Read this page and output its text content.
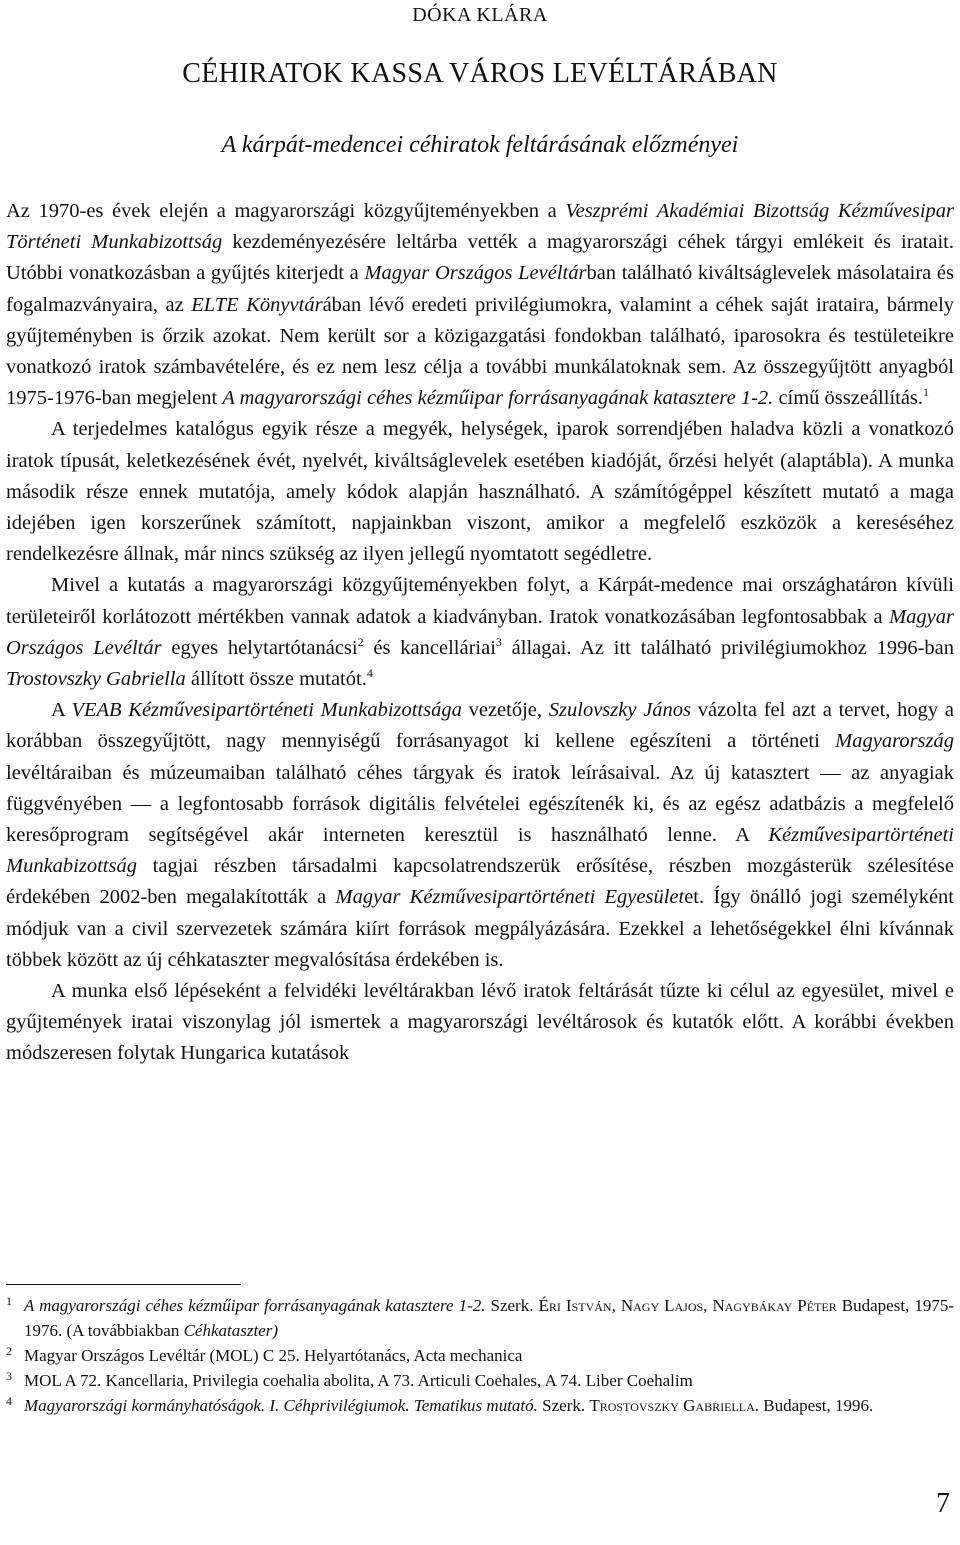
DÓKA KLÁRA
CÉHIRATOK KASSA VÁROS LEVÉLTÁRÁBAN
A kárpát-medencei céhiratok feltárásának előzményei

Az 1970-es évek elején a magyarországi közgyűjteményekben a Veszprémi Akadémiai Bizottság Kézművesipar Történeti Munkabizottság kezdeményezésére leltárba vették a magyarországi céhek tárgyi emlékeit és iratait. Utóbbi vonatkozásban a gyűjtés kiterjedt a Magyar Országos Levéltárban található kiváltságlevelek másolataira és fogalmazványaira, az ELTE Könyvtárában lévő eredeti privilégiumokra, valamint a céhek saját irataira, bármely gyűjteményben is őrzik azokat. Nem került sor a közigazgatási fondokban található, iparosokra és testületeikre vonatkozó iratok számbavételére, és ez nem lesz célja a további munkálatoknak sem. Az összegyűjtött anyagból 1975-1976-ban megjelent A magyarországi céhes kézműipar forrásanyagának katasztere 1-2. című összeállítás.$^1$

A terjedelmes katalógus egyik része a megyék, helységek, iparok sorrendjében haladva közli a vonatkozó iratok típusát, keletkezésének évét, nyelvét, kiváltságlevelek esetében kiadóját, őrzési helyét (alaptábla). A munka második része ennek mutatója, amely kódok alapján használható. A számítógéppel készített mutató a maga idejében igen korszerűnek számított, napjainkban viszont, amikor a megfelelő eszközök a kereséséhez rendelkezésre állnak, már nincs szükség az ilyen jellegű nyomtatott segédletre.

Mivel a kutatás a magyarországi közgyűjteményekben folyt, a Kárpát-medence mai országhatáron kívüli területeiről korlátozott mértékben vannak adatok a kiadványban. Iratok vonatkozásában legfontosabbak a Magyar Országos Levéltár egyes helytartótanácsi$^2$ és kancelláriai$^3$ állagai. Az itt található privilégiumokhoz 1996-ban Trostovszky Gabriella állított össze mutatót.$^4$

A VEAB Kézművesipartörténeti Munkabizottsága vezetője, Szulovszky János vázolta fel azt a tervet, hogy a korábban összegyűjtött, nagy mennyiségű forrásanyagot ki kellene egészíteni a történeti Magyarország levéltáraiban és múzeumaiban található céhes tárgyak és iratok leírásaival. Az új katasztert — az anyagiak függvényében — a legfontosabb források digitális felvételei egészítenék ki, és az egész adatbázis a megfelelő keresőprogram segítségével akár interneten keresztül is használható lenne. A Kézművesipartörténeti Munkabizottság tagjai részben társadalmi kapcsolatrendszerük erősítése, részben mozgásterük szélesítése érdekében 2002-ben megalakították a Magyar Kézművesipartörténeti Egyesületet. Így önálló jogi személyként módjuk van a civil szervezetek számára kiírt források megpályázására. Ezekkel a lehetőségekkel élni kívánnak többek között az új céhkataszter megvalósítása érdekében is.

A munka első lépéseként a felvidéki levéltárakban lévő iratok feltárását tűzte ki célul az egyesület, mivel e gyűjtemények iratai viszonylag jól ismertek a magyarországi levéltárosok és kutatók előtt. A korábbi években módszeresen folytak Hungarica kutatások

1 A magyarországi céhes kézműipar forrásanyagának katasztere 1-2. Szerk. Éri István, Nagy Lajos, Nagybákay Péter Budapest, 1975-1976. (A továbbiakban Céhkataszter)
2 Magyar Országos Levéltár (MOL) C 25. Helyartótanács, Acta mechanica
3 MOL A 72. Kancellaria, Privilegia coehalia abolita, A 73. Articuli Coehales, A 74. Liber Coehalim
4 Magyarországi kormányhatóságok. I. Céhprivilégiumok. Tematikus mutató. Szerk. Trostovszky Gabriella. Budapest, 1996.
7
